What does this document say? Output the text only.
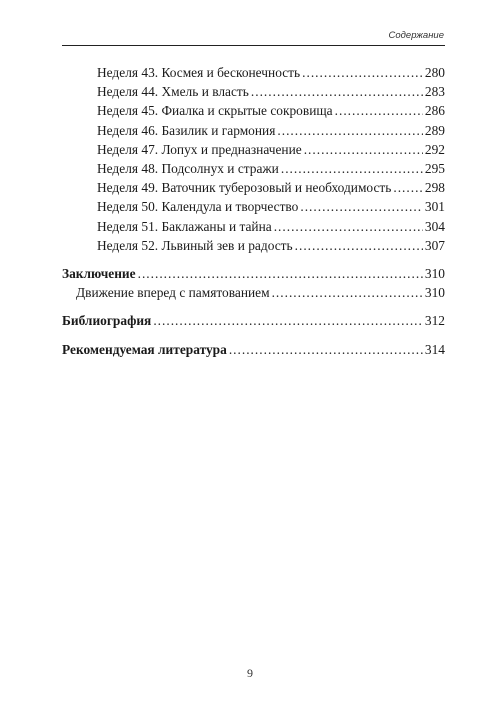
Содержание
Неделя 43. Космея и бесконечность .....	280
Неделя 44. Хмель и власть .....	283
Неделя 45. Фиалка и скрытые сокровища .....	286
Неделя 46. Базилик и гармония .....	289
Неделя 47. Лопух и предназначение .....	292
Неделя 48. Подсолнух и стражи .....	295
Неделя 49. Ваточник туберозовый и необходимость .....	298
Неделя 50. Календула и творчество .....	301
Неделя 51. Баклажаны и тайна .....	304
Неделя 52. Львиный зев и радость .....	307
Заключение .....	310
Движение вперед с памятованием .....	310
Библиография .....	312
Рекомендуемая литература .....	314
9
